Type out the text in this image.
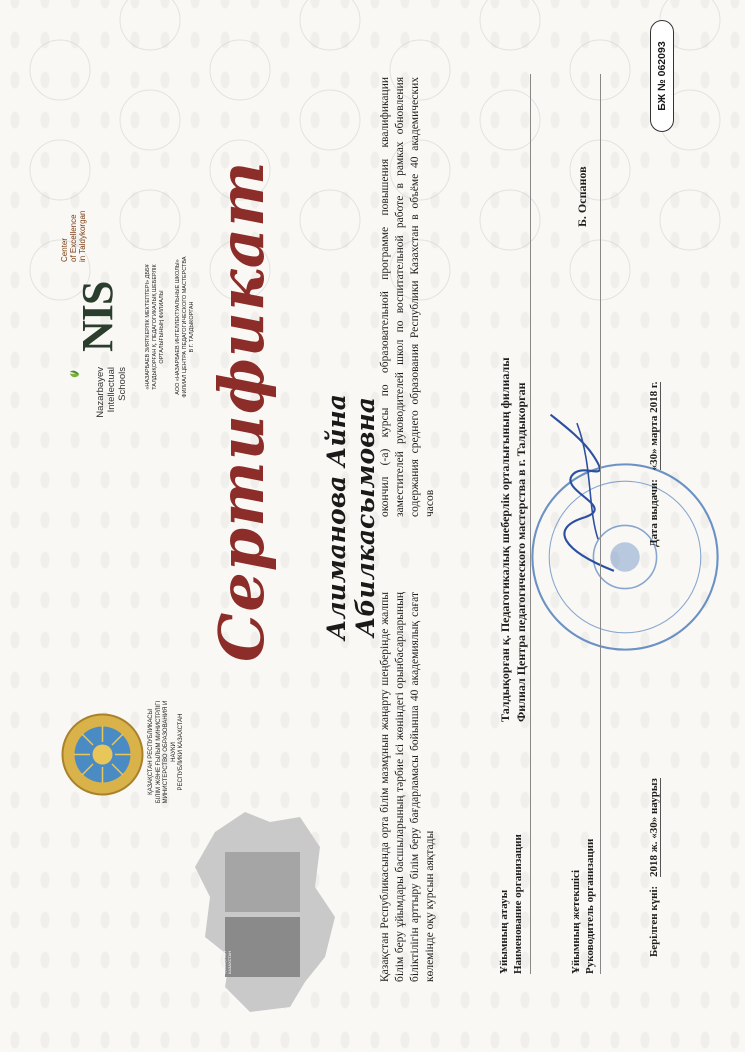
ҚАЗАҚСТАН КАЗАХСТАН
ҚАЗАҚСТАН РЕСПУБЛИКАСЫ БІЛІМ ЖӘНЕ ҒЫЛЫМ МИНИСТРЛІГІ МИНИСТЕРСТВО ОБРАЗОВАНИЯ И НАУКИ РЕСПУБЛИКИ КАЗАХСТАН
Nazarbayev Intellectual Schools
NIS
Center of Excellence in Taldykorgan
«НАЗАРБАЕВ ЗИЯТКЕРЛІК МЕКТЕПТЕРІ» ДББҰ ТАЛДЫҚОРҒАН Қ. ПЕДАГОГИКАЛЫҚ ШЕБЕРЛІК ОРТАЛЫҒЫНЫҢ ФИЛИАЛЫ АОО «НАЗАРБАЕВ ИНТЕЛЛЕКТУАЛЬНЫЕ ШКОЛЫ» ФИЛИАЛ ЦЕНТРА ПЕДАГОГИЧЕСКОГО МАСТЕРСТВА В Г. ТАЛДЫКОРГАН Сертификат Алиманова Айна Абилкасымовна
Қазақстан Республикасында орта білім мазмұнын жаңарту шеңберінде жалпы білім беру ұйымдары басшыларының тәрбие ісі жөніндегі орынбасарларының біліктілігін арттыру білім беру бағдарламасы бойынша 40 академиялық сағат көлемінде оқу курсын аяқтады
окончил (-а) курсы по образовательной программе повышения квалификации заместителей руководителей школ по воспитательной работе в рамках обновления содержания среднего образования Республики Казахстан в объёме 40 академических часов
Ұйымның атауы Наименование организации
Талдықорған қ. Педагогикалық шеберлік орталығының филиалы Филиал Центра педагогического мастерства в г. Талдыкорган
Ұйымның жетекшісі Руководитель организации
Б. Оспанов
Берілген күні: 2018 ж. «30» наурыз
Дата выдачи: «30» марта 2018 г.
БЖ № 062093
